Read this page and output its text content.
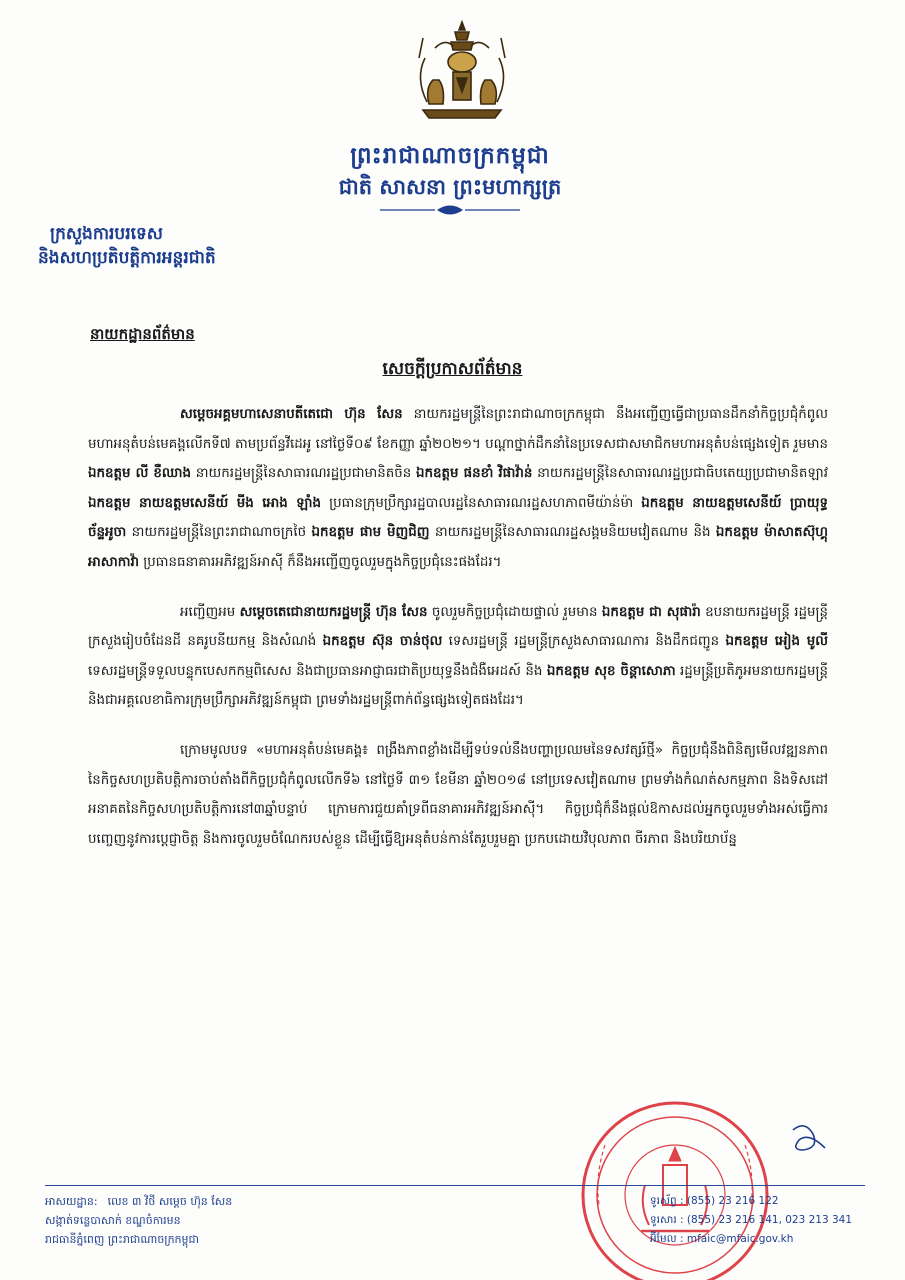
ព្រះរាជាណាចក្រកម្ពុជា
ជាតិ សាសនា ព្រះមហាក្សត្រ
ក្រសួងការបរទេស
និងសហប្រតិបត្តិការអន្តរជាតិ
នាយកដ្ឋានព័ត៌មាន
សេចក្តីប្រកាសព័ត៌មាន

សម្តេចអគ្គមហាសេនាបតីតេជោ ហ៊ុន សែន នាយករដ្ឋមន្ត្រីនៃព្រះរាជាណាចក្រកម្ពុជា នឹងអញ្ជើញធ្វើជាប្រធានដឹកនាំកិច្ចប្រជុំកំពូលមហាអនុតំបន់មេគង្គលើកទី៧ តាមប្រព័ន្ធវីដេអូ នៅថ្ងៃទី០៩ ខែកញ្ញា ឆ្នាំ២០២១។ បណ្តាថ្នាក់ដឹកនាំនៃប្រទេសជាសមាជិកមហាអនុតំបន់ផ្សេងទៀត រួមមាន ឯកឧត្តម លី ខឺឈាង នាយករដ្ឋមន្ត្រីនៃសាធារណរដ្ឋប្រជាមានិតចិន ឯកឧត្តម ផនខាំ វិផាវ៉ាន់ នាយករដ្ឋមន្ត្រីនៃសាធារណរដ្ឋប្រជាធិបតេយ្យប្រជាមានិតឡាវ ឯកឧត្តម នាយឧត្តមសេនីយ៍ មីង អោង ឡាំង ប្រធានក្រុមប្រឹក្សារដ្ឋបាលរដ្ឋនៃសាធារណរដ្ឋសហភាពមីយ៉ាន់ម៉ា ឯកឧត្តម នាយឧត្តមសេនីយ៍ ប្រាយុទ្ធ ច័ន្ទអូចា នាយករដ្ឋមន្ត្រីនៃព្រះរាជាណាចក្រថៃ ឯកឧត្តម ផាម មិញជិញ នាយករដ្ឋមន្ត្រីនៃសាធារណរដ្ឋសង្គមនិយមវៀតណាម និង ឯកឧត្តម ម៉ាសាតស៊ុហ្គុ អាសាកាវ៉ា ប្រធានធនាគារអភិវឌ្ឍន៍អាស៊ី ក៏នឹងអញ្ជើញចូលរួមក្នុងកិច្ចប្រជុំនេះផងដែរ។

អញ្ជើញអម សម្តេចតេជោនាយករដ្ឋមន្ត្រី ហ៊ុន សែន ចូលរួមកិច្ចប្រជុំដោយផ្ទាល់ រួមមាន ឯកឧត្តម ជា សុផារ៉ា ឧបនាយករដ្ឋមន្ត្រី រដ្ឋមន្ត្រីក្រសួងរៀបចំដែនដី នគរូបនីយកម្ម និងសំណង់ ឯកឧត្តម ស៊ុន ចាន់ថុល ទេសរដ្ឋមន្ត្រី រដ្ឋមន្ត្រីក្រសួងសាធារណការ និងដឹកជញ្ជូន ឯកឧត្តម អៀង មូលី ទេសរដ្ឋមន្ត្រីទទួលបន្ទុកបេសកកម្មពិសេស និងជាប្រធានអាជ្ញាធរជាតិប្រយុទ្ធនឹងជំងឺអេដស៍ និង ឯកឧត្តម សុខ ចិន្តាសោភា រដ្ឋមន្ត្រីប្រតិភូអមនាយករដ្ឋមន្ត្រី និងជាអគ្គលេខាធិការក្រុមប្រឹក្សាអភិវឌ្ឍន៍កម្ពុជា ព្រមទាំងរដ្ឋមន្ត្រីពាក់ព័ន្ធផ្សេងទៀតផងដែរ។

ក្រោមមូលបទ «មហាអនុតំបន់មេគង្គ៖ ពង្រឹងភាពខ្លាំងដើម្បីទប់ទល់នឹងបញ្ហាប្រឈមនៃទសវត្សរ៍ថ្មី» កិច្ចប្រជុំនឹងពិនិត្យមើលវឌ្ឍនភាពនៃកិច្ចសហប្រតិបត្តិការចាប់តាំងពីកិច្ចប្រជុំកំពូលលើកទី៦ នៅថ្ងៃទី ៣១ ខែមីនា ឆ្នាំ២០១៨ នៅប្រទេសវៀតណាម ព្រមទាំងកំណត់សកម្មភាព និងទិសដៅអនាគតនៃកិច្ចសហប្រតិបត្តិការនៅ៣ឆ្នាំបន្ទាប់ ក្រោមការជួយគាំទ្រពីធនាគារអភិវឌ្ឍន៍អាស៊ី។ កិច្ចប្រជុំក៏នឹងផ្តល់ឱកាសដល់អ្នកចូលរួមទាំងអស់ធ្វើការបញ្ចេញនូវការប្តេជ្ញាចិត្ត និងការចូលរួមចំណែករបស់ខ្លួន ដើម្បីធ្វើឱ្យអនុតំបន់កាន់តែរួបរួមគ្នា ប្រកបដោយវិបុលភាព ចីរភាព និងបរិយាប័ន្ន

អាសយដ្ឋាន: លេខ ៣ វិថី សម្តេច ហ៊ុន សែន
សង្កាត់ទន្លេបាសាក់ ខណ្ឌចំការមន
រាជធានីភ្នំពេញ ព្រះរាជាណាចក្រកម្ពុជា
ទូរស័ព្ទ : (855) 23 216 122
ទូរសារ : (855) 23 216 141, 023 213 341
អ៊ីមែល : mfaic@mfaic.gov.kh
